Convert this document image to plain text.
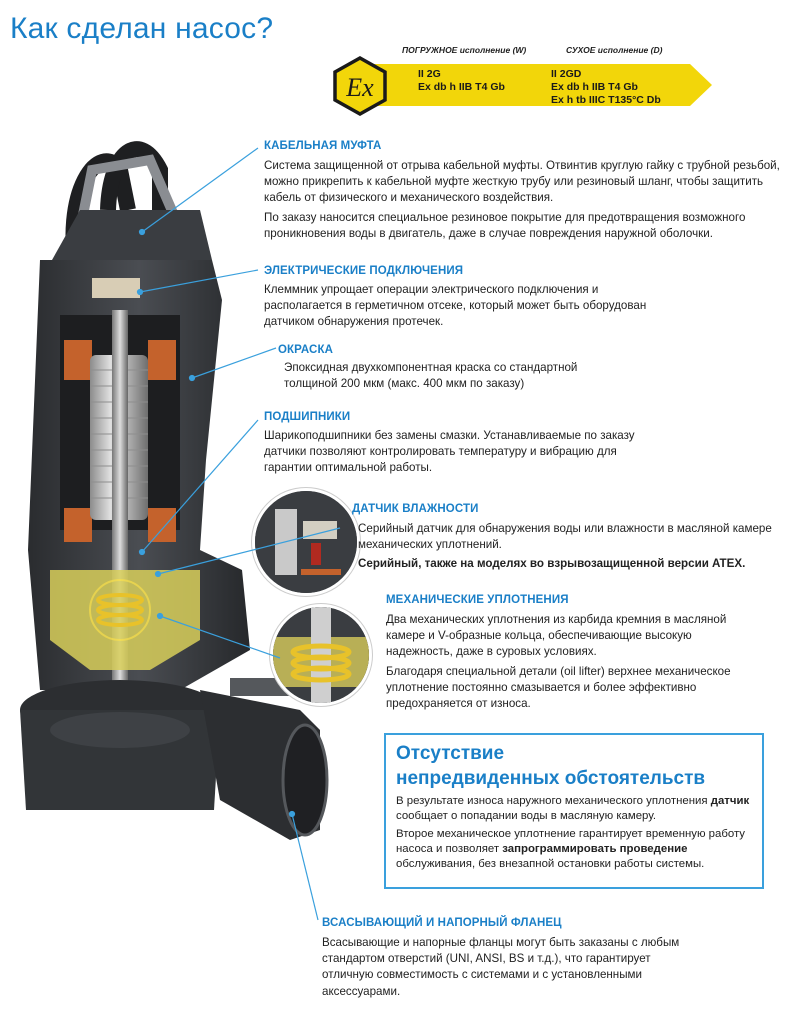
Как сделан насос?
Ex
ПОГРУЖНОЕ исполнение (W)	СУХОЕ исполнение (D)
II 2G
Ex db h IIB T4 Gb
II 2GD
Ex db h IIB T4 Gb
Ex h tb IIIC T135°C Db
КАБЕЛЬНАЯ МУФТА

Система защищенной от отрыва кабельной муфты. Отвинтив круглую гайку с трубной резьбой, можно прикрепить к кабельной муфте жесткую трубу или резиновый шланг, чтобы защитить кабель от физического и механического воздействия.

По заказу наносится специальное резиновое покрытие для предотвращения возможного проникновения воды в двигатель, даже в случае повреждения наружной оболочки.

ЭЛЕКТРИЧЕСКИЕ ПОДКЛЮЧЕНИЯ

Клеммник упрощает операции электрического подключения и располагается в герметичном отсеке, который может быть оборудован датчиком обнаружения протечек.

ОКРАСКА

Эпоксидная двухкомпонентная краска со стандартной толщиной 200 мкм (макс. 400 мкм по заказу)

ПОДШИПНИКИ

Шарикоподшипники без замены смазки. Устанавливаемые по заказу датчики позволяют контролировать температуру и вибрацию для гарантии оптимальной работы.

ДАТЧИК ВЛАЖНОСТИ

Серийный датчик для обнаружения воды или влажности в масляной камере механических уплотнений.

Серийный, также на моделях во взрывозащищенной версии ATEX.

МЕХАНИЧЕСКИЕ УПЛОТНЕНИЯ

Два механических уплотнения из карбида кремния в масляной камере и V-образные кольца, обеспечивающие высокую надежность, даже в суровых условиях.

Благодаря специальной детали (oil lifter) верхнее механическое уплотнение постоянно смазывается и более эффективно предохраняется от износа.

Отсутствие
непредвиденных обстоятельств

В результате износа наружного механического уплотнения датчик сообщает о попадании воды в масляную камеру.

Второе механическое уплотнение гарантирует временную работу насоса и позволяет запрограммировать проведение обслуживания, без внезапной остановки работы системы.

ВСАСЫВАЮЩИЙ И НАПОРНЫЙ ФЛАНЕЦ

Всасывающие и напорные фланцы могут быть заказаны с любым стандартом отверстий (UNI, ANSI, BS и т.д.), что гарантирует отличную совместимость с системами и с установленными аксессуарами.
